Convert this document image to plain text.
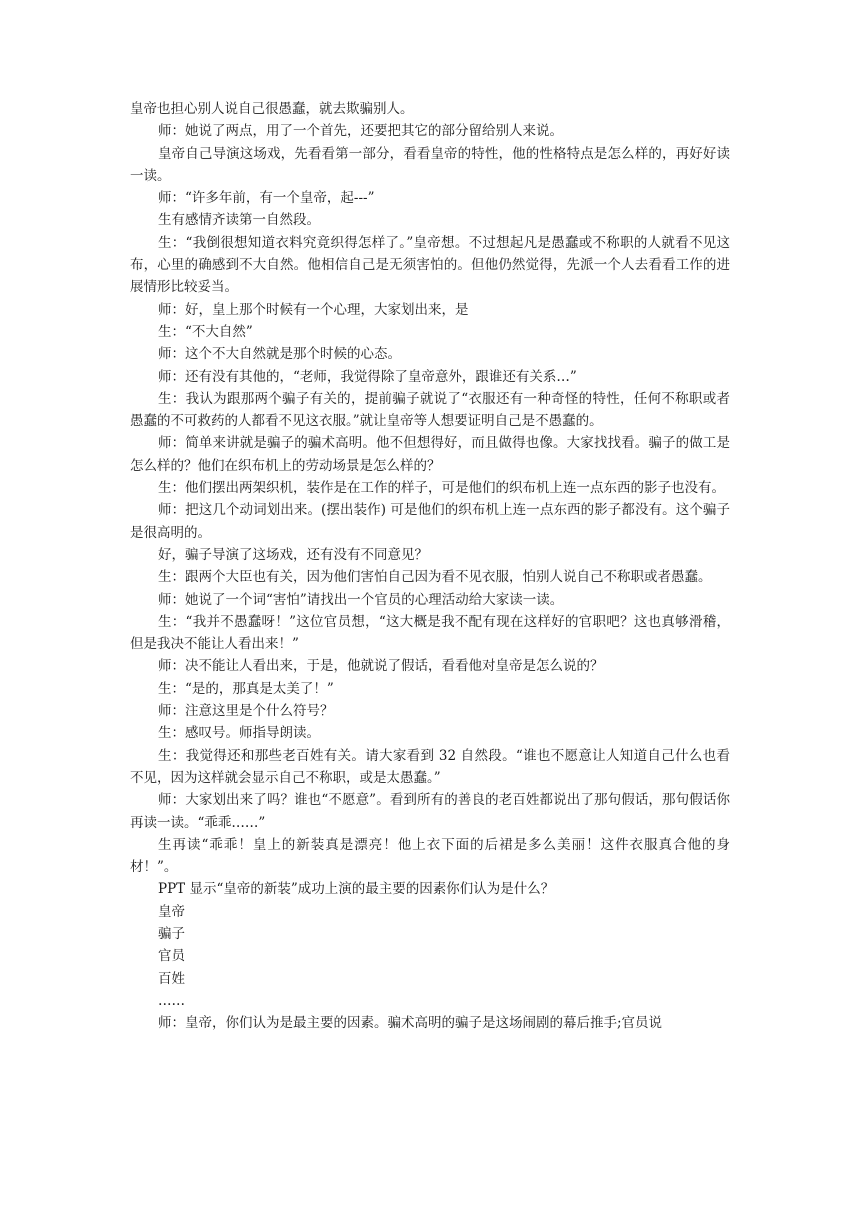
皇帝也担心别人说自己很愚蠢，就去欺骗别人。

师：她说了两点，用了一个首先，还要把其它的部分留给别人来说。

皇帝自己导演这场戏，先看看第一部分，看看皇帝的特性，他的性格特点是怎么样的，再好好读一读。

师：“许多年前，有一个皇帝，起---”

生有感情齐读第一自然段。

生：“我倒很想知道衣料究竟织得怎样了。”皇帝想。不过想起凡是愚蠢或不称职的人就看不见这布，心里的确感到不大自然。他相信自己是无须害怕的。但他仍然觉得，先派一个人去看看工作的进展情形比较妥当。

师：好，皇上那个时候有一个心理，大家划出来，是

生：“不大自然”

师：这个不大自然就是那个时候的心态。

师：还有没有其他的，“老师，我觉得除了皇帝意外，跟谁还有关系…”

生：我认为跟那两个骗子有关的，提前骗子就说了“衣服还有一种奇怪的特性，任何不称职或者愚蠢的不可救药的人都看不见这衣服。”就让皇帝等人想要证明自己是不愚蠢的。

师：简单来讲就是骗子的骗术高明。他不但想得好，而且做得也像。大家找找看。骗子的做工是怎么样的？他们在织布机上的劳动场景是怎么样的？

生：他们摆出两架织机，装作是在工作的样子，可是他们的织布机上连一点东西的影子也没有。

师：把这几个动词划出来。(摆出装作) 可是他们的织布机上连一点东西的影子都没有。这个骗子是很高明的。

好，骗子导演了这场戏，还有没有不同意见？

生：跟两个大臣也有关，因为他们害怕自己因为看不见衣服，怕别人说自己不称职或者愚蠢。

师：她说了一个词“害怕”请找出一个官员的心理活动给大家读一读。

生：“我并不愚蠢呀！”这位官员想，“这大概是我不配有现在这样好的官职吧？这也真够滑稽，但是我决不能让人看出来！”

师：决不能让人看出来，于是，他就说了假话，看看他对皇帝是怎么说的？

生：“是的，那真是太美了！”

师：注意这里是个什么符号？

生：感叹号。师指导朗读。

生：我觉得还和那些老百姓有关。请大家看到 32 自然段。“谁也不愿意让人知道自己什么也看不见，因为这样就会显示自己不称职，或是太愚蠢。”

师：大家划出来了吗？谁也“不愿意”。看到所有的善良的老百姓都说出了那句假话，那句假话你再读一读。“乖乖……”

生再读“乖乖！皇上的新装真是漂亮！他上衣下面的后裙是多么美丽！这件衣服真合他的身材！”。

PPT 显示“皇帝的新装”成功上演的最主要的因素你们认为是什么？

皇帝

骗子

官员

百姓

……

师：皇帝，你们认为是最主要的因素。骗术高明的骗子是这场闹剧的幕后推手;官员说
